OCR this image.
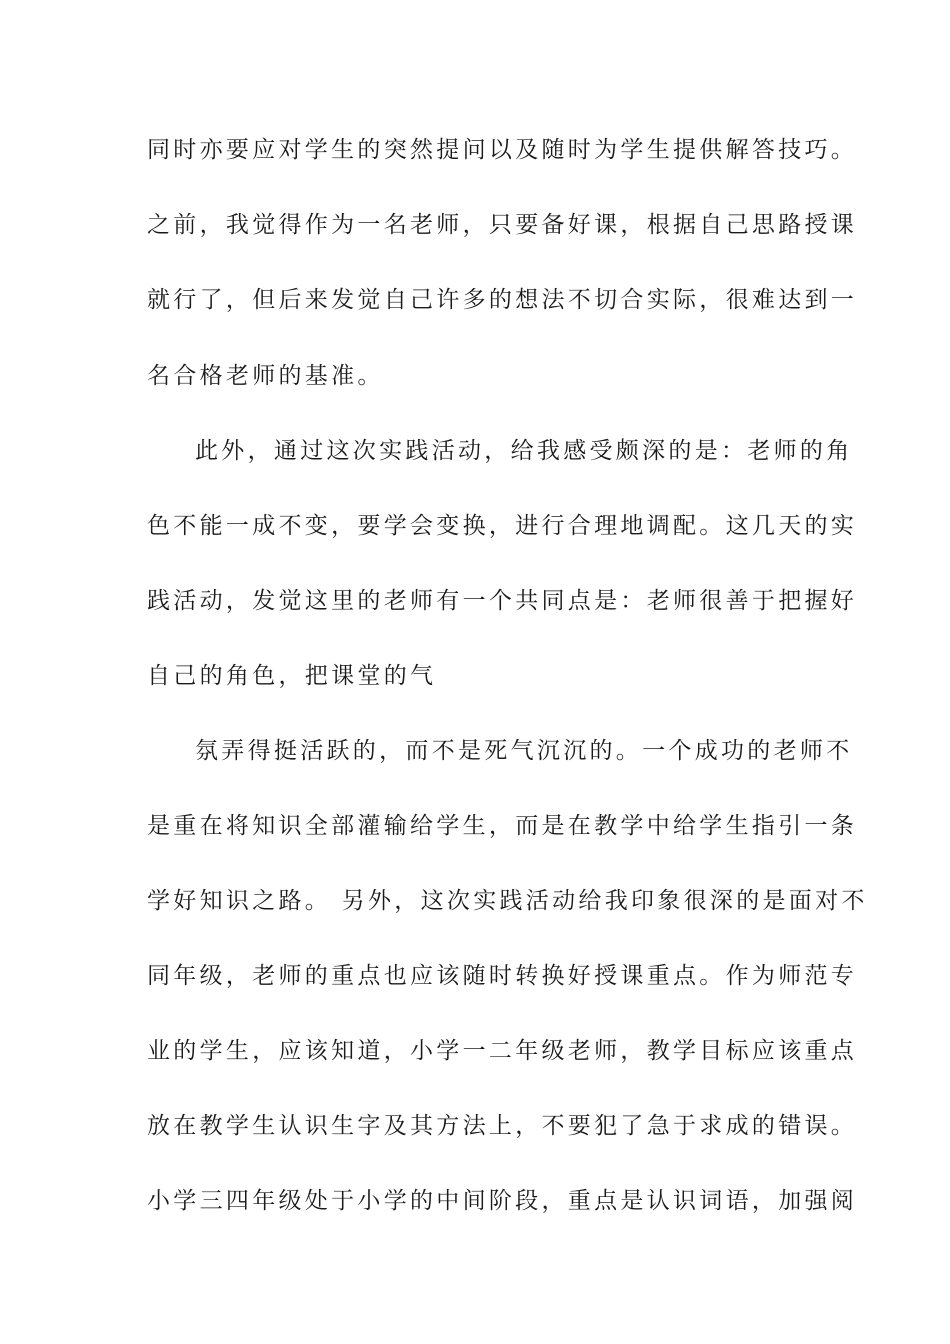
同时亦要应对学生的突然提问以及随时为学生提供解答技巧。
之前，我觉得作为一名老师，只要备好课，根据自己思路授课
就行了，但后来发觉自己许多的想法不切合实际，很难达到一
名合格老师的基准。
此外，通过这次实践活动，给我感受颇深的是：老师的角
色不能一成不变，要学会变换，进行合理地调配。这几天的实
践活动，发觉这里的老师有一个共同点是：老师很善于把握好
自己的角色，把课堂的气
氛弄得挺活跃的，而不是死气沉沉的。一个成功的老师不
是重在将知识全部灌输给学生，而是在教学中给学生指引一条
学好知识之路。 另外，这次实践活动给我印象很深的是面对不
同年级，老师的重点也应该随时转换好授课重点。作为师范专
业的学生，应该知道，小学一二年级老师，教学目标应该重点
放在教学生认识生字及其方法上，不要犯了急于求成的错误。
小学三四年级处于小学的中间阶段，重点是认识词语，加强阅
